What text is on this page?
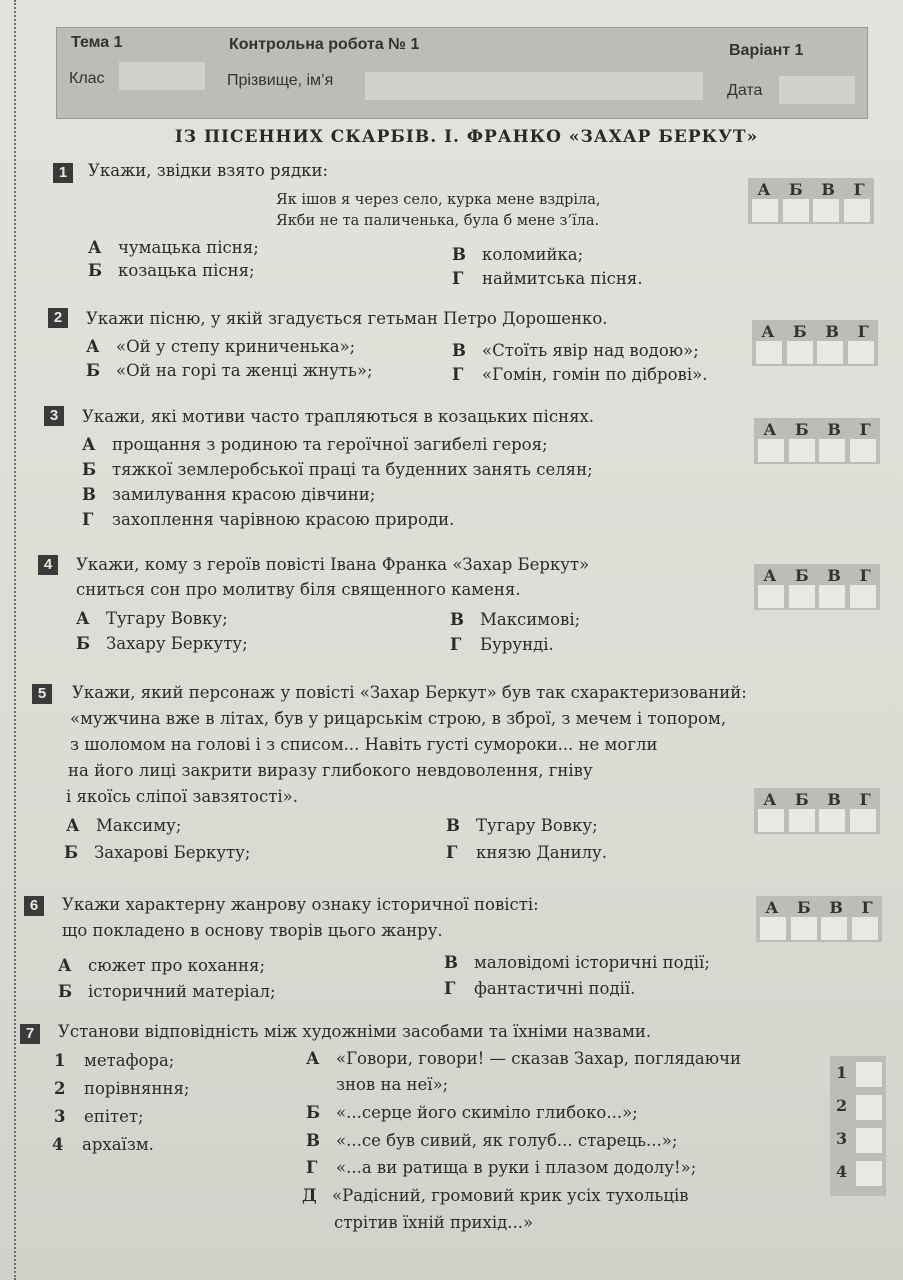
Тема 1	Контрольна робота № 1	Варіант 1
Клас	Прізвище, ім’я
Дата
ІЗ ПІСЕННИХ СКАРБІВ. І. ФРАНКО «ЗАХАР БЕРКУТ»
1	Укажи, звідки взято рядки:
Як ішов я через село, курка мене вздріла,
Якби не та паличенька, була б мене з’їла.
А чумацька пісня;
Б козацька пісня;
В коломийка;
Г наймитська пісня.
А Б В Г
2	Укажи пісню, у якій згадується гетьман Петро Дорошенко.
А «Ой у степу криниченька»;
Б «Ой на горі та женці жнуть»;
В «Стоїть явір над водою»;
Г «Гомін, гомін по діброві».
А Б В Г
3	Укажи, які мотиви часто трапляються в козацьких піснях.
А прощання з родиною та героїчної загибелі героя;
Б тяжкої землеробської праці та буденних занять селян;
В замилування красою дівчини;
Г захоплення чарівною красою природи.
А Б В Г
4	Укажи, кому з героїв повісті Івана Франка «Захар Беркут»
сниться сон про молитву біля священного каменя.
А Тугару Вовку;
Б Захару Беркуту;
В Максимові;
Г Бурунді.
А Б В Г
5	Укажи, який персонаж у повісті «Захар Беркут» був так схарактеризований:
«мужчина вже в літах, був у рицарськім строю, в зброї, з мечем і топором,
з шоломом на голові і з списом... Навіть густі сумороки... не могли
на його лиці закрити виразу глибокого невдоволення, гніву
і якоїсь сліпої завзятості».
А Максиму;
Б Захарові Беркуту;
В Тугару Вовку;
Г князю Данилу.
А Б В Г
6	Укажи характерну жанрову ознаку історичної повісті:
що покладено в основу творів цього жанру.
А сюжет про кохання;
Б історичний матеріал;
В маловідомі історичні події;
Г фантастичні події.
А Б В Г
7	Установи відповідність між художніми засобами та їхніми назвами.
1 метафора;
2 порівняння;
3 епітет;
4 архаїзм.
А «Говори, говори! — сказав Захар, поглядаючи
знов на неї»;
Б «...серце його скиміло глибоко...»;
В «...се був сивий, як голуб... старець...»;
Г «...а ви ратища в руки і плазом додолу!»;
Д «Радісний, громовий крик усіх тухольців
стрітив їхній прихід...»
1
2
3
4
